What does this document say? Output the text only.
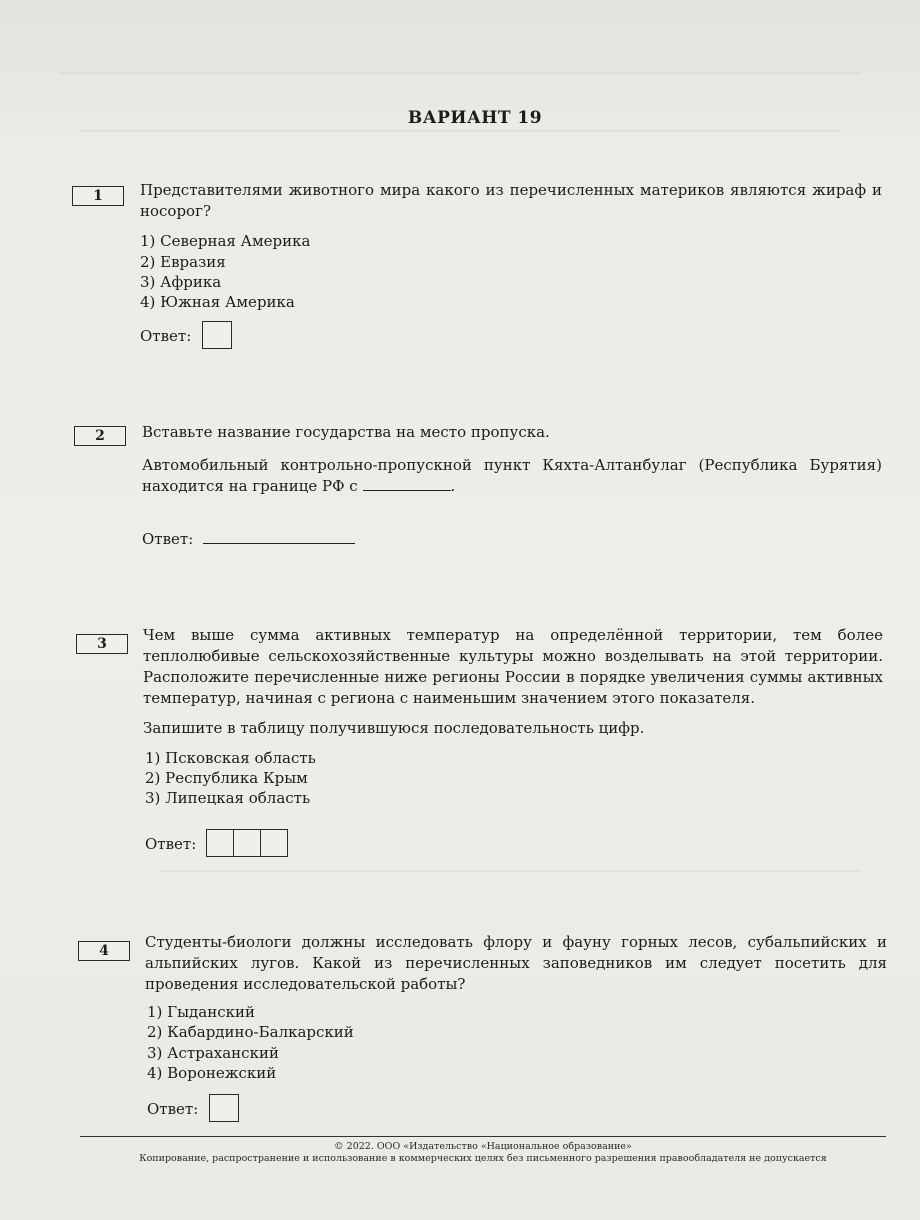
ВАРИАНТ 19
1	Представителями животного мира какого из перечисленных материков являются жираф и носорог?
1) Северная Америка
2) Евразия
3) Африка
4) Южная Америка
Ответ:
2	Вставьте название государства на место пропуска.
Автомобильный контрольно-пропускной пункт Кяхта-Алтанбулаг (Республика Бурятия) находится на границе РФ с	.
Ответ:
3	Чем выше сумма активных температур на определённой территории, тем более теплолюбивые сельскохозяйственные культуры можно возделывать на этой территории. Расположите перечисленные ниже регионы России в порядке увеличения суммы активных температур, начиная с региона с наименьшим значением этого показателя.
Запишите в таблицу получившуюся последовательность цифр.
1) Псковская область
2) Республика Крым
3) Липецкая область
Ответ:
4	Студенты-биологи должны исследовать флору и фауну горных лесов, субальпийских и альпийских лугов. Какой из перечисленных заповедников им следует посетить для проведения исследовательской работы?
1) Гыданский
2) Кабардино-Балкарский
3) Астраханский
4) Воронежский
Ответ:
© 2022. ООО «Издательство «Национальное образование»
Копирование, распространение и использование в коммерческих целях без письменного разрешения правообладателя не допускается
